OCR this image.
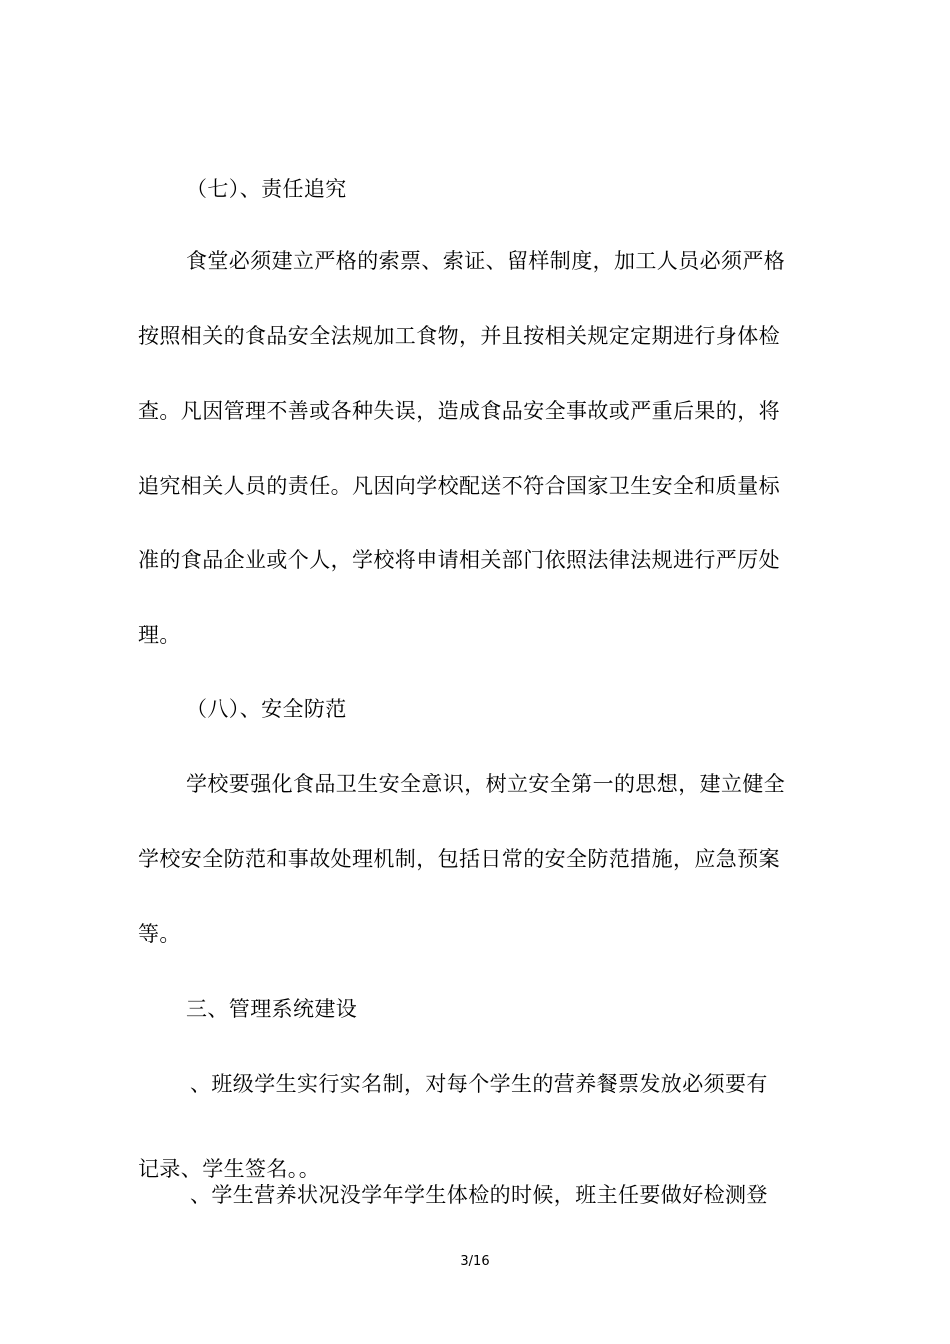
（七）、责任追究

食堂必须建立严格的索票、索证、留样制度，加工人员必须严格

按照相关的食品安全法规加工食物，并且按相关规定定期进行身体检

查。凡因管理不善或各种失误，造成食品安全事故或严重后果的，将

追究相关人员的责任。凡因向学校配送不符合国家卫生安全和质量标

准的食品企业或个人，学校将申请相关部门依照法律法规进行严厉处

理。

（八）、安全防范

学校要强化食品卫生安全意识，树立安全第一的思想，建立健全

学校安全防范和事故处理机制，包括日常的安全防范措施，应急预案

等。

三、管理系统建设

、班级学生实行实名制，对每个学生的营养餐票发放必须要有

记录、学生签名。。

、学生营养状况没学年学生体检的时候，班主任要做好检测登

3/16
